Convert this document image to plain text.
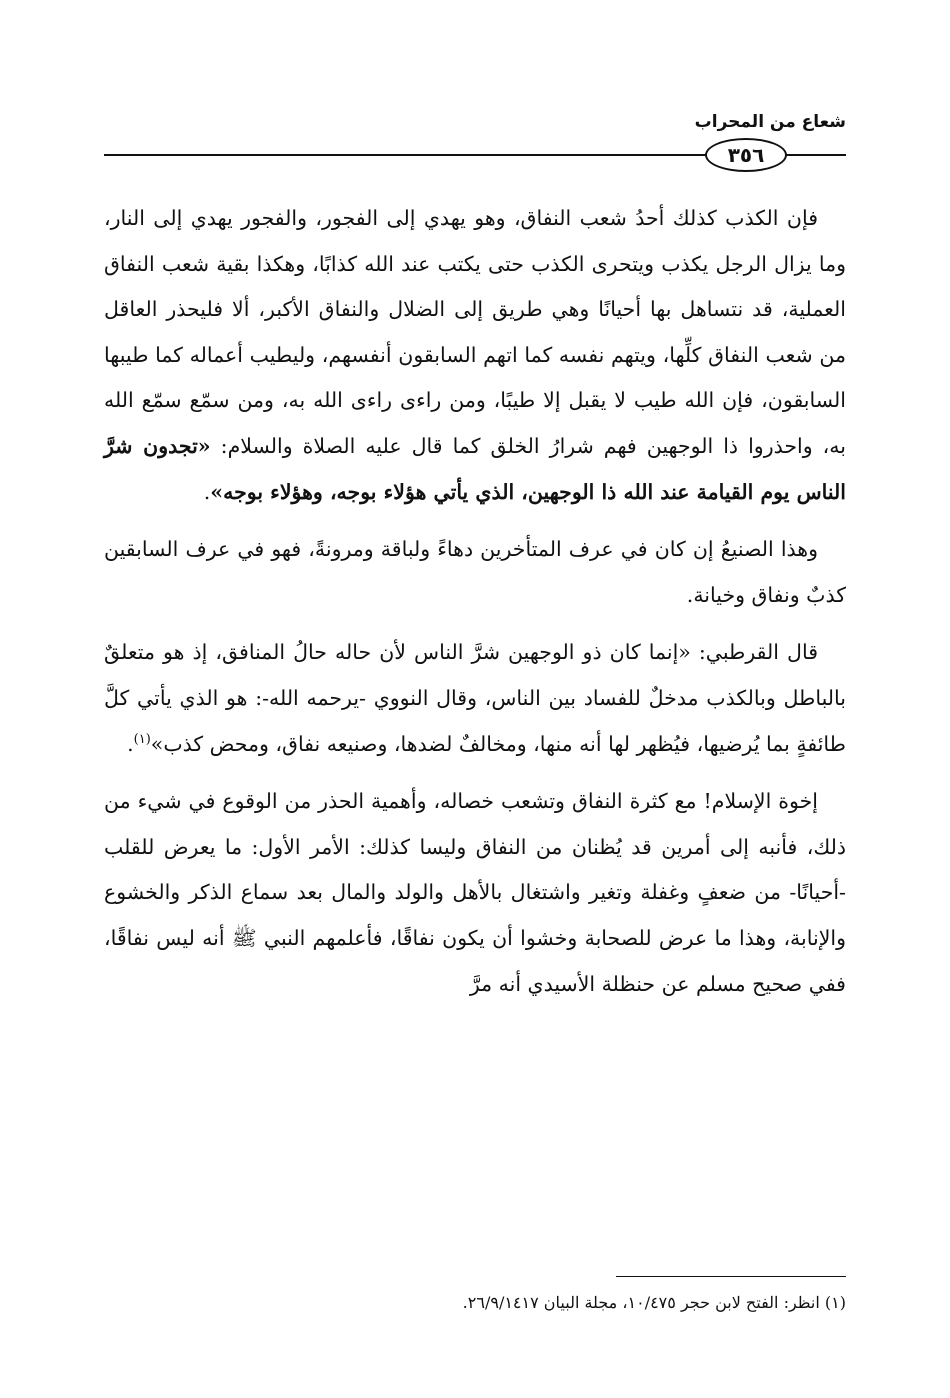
شعاع من المحراب
٣٥٦

فإن الكذب كذلك أحدُ شعب النفاق، وهو يهدي إلى الفجور، والفجور يهدي إلى النار، وما يزال الرجل يكذب ويتحرى الكذب حتى يكتب عند الله كذابًا، وهكذا بقية شعب النفاق العملية، قد نتساهل بها أحيانًا وهي طريق إلى الضلال والنفاق الأكبر، ألا فليحذر العاقل من شعب النفاق كلِّها، ويتهم نفسه كما اتهم السابقون أنفسهم، وليطيب أعماله كما طيبها السابقون، فإن الله طيب لا يقبل إلا طيبًا، ومن راءى راءى الله به، ومن سمّع سمّع الله به، واحذروا ذا الوجهين فهم شرارُ الخلق كما قال عليه الصلاة والسلام: «تجدون شرَّ الناس يوم القيامة عند الله ذا الوجهين، الذي يأتي هؤلاء بوجه، وهؤلاء بوجه».

وهذا الصنيعُ إن كان في عرف المتأخرين دهاءً ولباقة ومرونةً، فهو في عرف السابقين كذبٌ ونفاق وخيانة.

قال القرطبي: «إنما كان ذو الوجهين شرَّ الناس لأن حاله حالُ المنافق، إذ هو متعلقٌ بالباطل وبالكذب مدخلٌ للفساد بين الناس، وقال النووي -يرحمه الله-: هو الذي يأتي كلَّ طائفةٍ بما يُرضيها، فيُظهر لها أنه منها، ومخالفٌ لضدها، وصنيعه نفاق، ومحض كذب»$^{(١)}$.

إخوة الإسلام! مع كثرة النفاق وتشعب خصاله، وأهمية الحذر من الوقوع في شيء من ذلك، فأنبه إلى أمرين قد يُظنان من النفاق وليسا كذلك: الأمر الأول: ما يعرض للقلب -أحيانًا- من ضعفٍ وغفلة وتغير واشتغال بالأهل والولد والمال بعد سماع الذكر والخشوع والإنابة، وهذا ما عرض للصحابة وخشوا أن يكون نفاقًا، فأعلمهم النبي ﷺ أنه ليس نفاقًا، ففي صحيح مسلم عن حنظلة الأسيدي أنه مرَّ

(١) انظر: الفتح لابن حجر ١٠/٤٧٥، مجلة البيان ٢٦/٩/١٤١٧.
